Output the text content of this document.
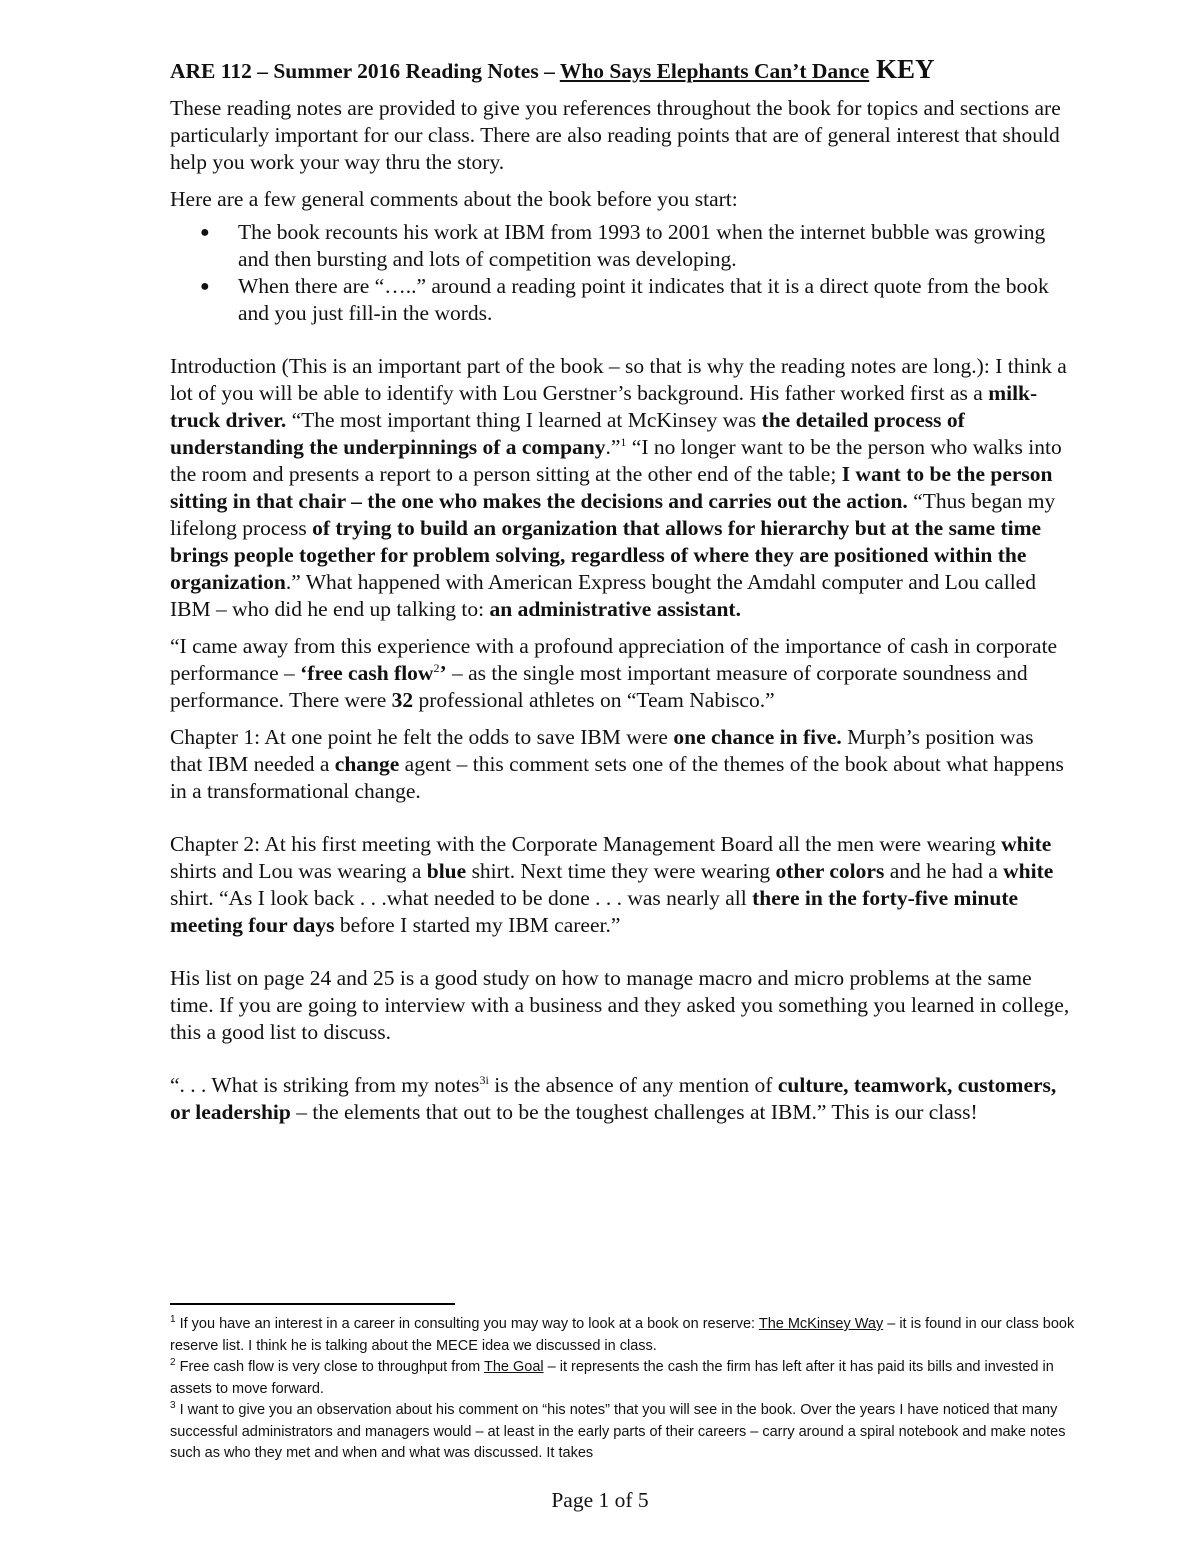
ARE 112 – Summer 2016 Reading Notes – Who Says Elephants Can’t Dance KEY

These reading notes are provided to give you references throughout the book for topics and sections are particularly important for our class. There are also reading points that are of general interest that should help you work your way thru the story.

Here are a few general comments about the book before you start:

● The book recounts his work at IBM from 1993 to 2001 when the internet bubble was growing and then bursting and lots of competition was developing.
● When there are “…..” around a reading point it indicates that it is a direct quote from the book and you just fill-in the words.

Introduction (This is an important part of the book – so that is why the reading notes are long.): I think a lot of you will be able to identify with Lou Gerstner’s background. His father worked first as a milk-truck driver. “The most important thing I learned at McKinsey was the detailed process of understanding the underpinnings of a company.”$^1$ “I no longer want to be the person who walks into the room and presents a report to a person sitting at the other end of the table; I want to be the person sitting in that chair – the one who makes the decisions and carries out the action. “Thus began my lifelong process of trying to build an organization that allows for hierarchy but at the same time brings people together for problem solving, regardless of where they are positioned within the organization.” What happened with American Express bought the Amdahl computer and Lou called IBM – who did he end up talking to: an administrative assistant.

“I came away from this experience with a profound appreciation of the importance of cash in corporate performance – ‘free cash flow$^2$’ – as the single most important measure of corporate soundness and performance. There were 32 professional athletes on “Team Nabisco.”

Chapter 1: At one point he felt the odds to save IBM were one chance in five. Murph’s position was that IBM needed a change agent – this comment sets one of the themes of the book about what happens in a transformational change.

Chapter 2: At his first meeting with the Corporate Management Board all the men were wearing white shirts and Lou was wearing a blue shirt. Next time they were wearing other colors and he had a white shirt. “As I look back . . .what needed to be done . . . was nearly all there in the forty-five minute meeting four days before I started my IBM career.”

His list on page 24 and 25 is a good study on how to manage macro and micro problems at the same time. If you are going to interview with a business and they asked you something you learned in college, this a good list to discuss.

“. . . What is striking from my notes$^{3i}$ is the absence of any mention of culture, teamwork, customers, or leadership – the elements that out to be the toughest challenges at IBM.” This is our class!

$^1$ If you have an interest in a career in consulting you may way to look at a book on reserve: The McKinsey Way – it is found in our class book reserve list. I think he is talking about the MECE idea we discussed in class.

$^2$ Free cash flow is very close to throughput from The Goal – it represents the cash the firm has left after it has paid its bills and invested in assets to move forward.

$^3$ I want to give you an observation about his comment on “his notes” that you will see in the book. Over the years I have noticed that many successful administrators and managers would – at least in the early parts of their careers – carry around a spiral notebook and make notes such as who they met and when and what was discussed. It takes

Page 1 of 5
